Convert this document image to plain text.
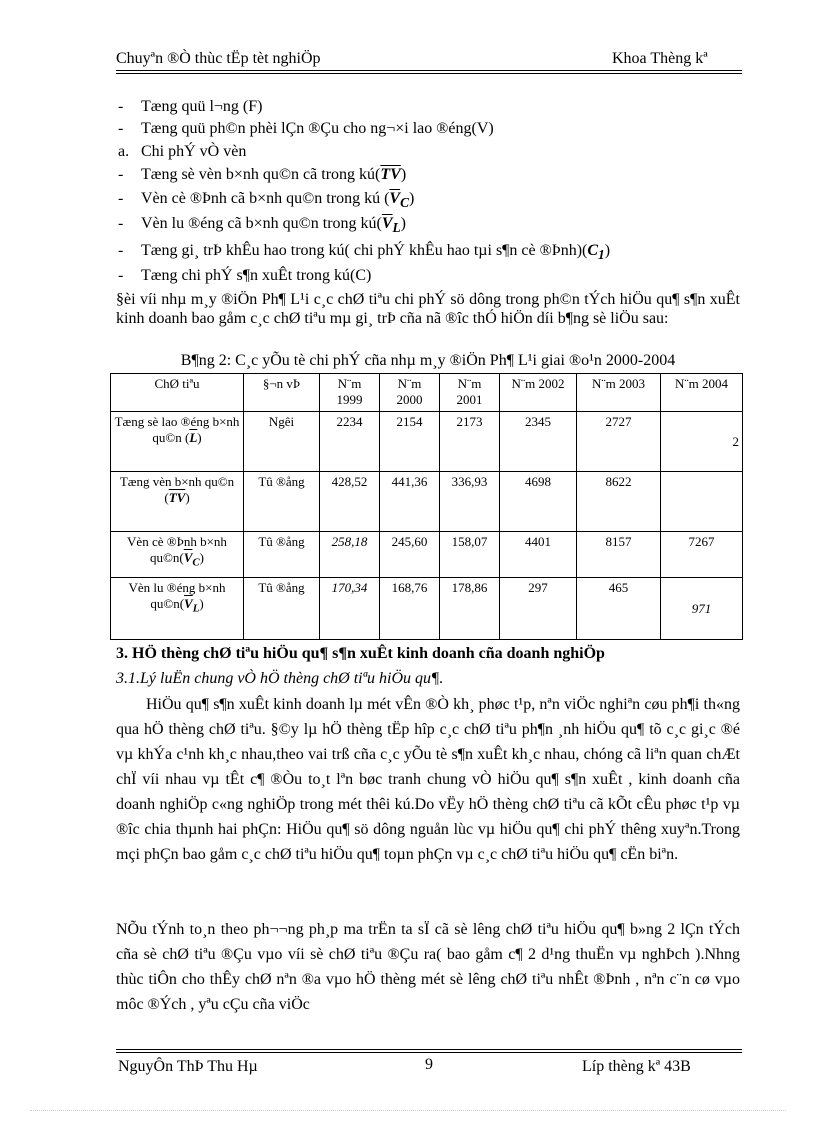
Chuyªn ®Ò thùc tËp tèt nghiÖp	Khoa Thèng kª
- Tæng quü l¬ng (F)
- Tæng quü ph©n phèi lÇn ®Çu cho ng¬×i lao ®éng(V)
a. Chi phÝ vÒ vèn
- Tæng sè vèn b×nh qu©n cã trong $kú(\overline{TV})$
- Vèn cè ®Þnh cã b×nh qu©n trong kú $(\overline{V}_C)$
- Vèn lu ®éng cã b×nh qu©n trong $kú(\overline{V}_L)$
- Tæng gi¸ trÞ khÊu hao trong kú( chi phÝ khÊu hao tµi s¶n cè $®Þnh)(C_1)$
- Tæng chi phÝ s¶n xuÊt trong kú(C)
§èi víi nhµ m¸y ®iÖn Ph¶ L¹i c¸c chØ tiªu chi phÝ sö dông trong ph©n tÝch hiÖu qu¶ s¶n xuÊt kinh doanh bao gåm c¸c chØ tiªu mµ gi¸ trÞ cña nã ®îc thÓ hiÖn díi b¶ng sè liÖu sau:
B¶ng 2: C¸c yÕu tè chi phÝ cña nhµ m¸y ®iÖn Ph¶ L¹i giai ®o¹n 2000-2004
ChØ tiªu	§¬n vÞ	N¨m 1999	N¨m 2000	N¨m 2001	N¨m 2002	N¨m 2003	N¨m 2004
Tæng sè lao ®éng b×nh qu©n $(\overline{L})$	Ngêi	2234	2154	2173	2345	2727	2
Tæng vèn b×nh qu©n $(\overline{TV})$	Tû ®ång	428,52	441,36	336,93	4698	8622	
Vèn cè ®Þnh b×nh $qu©n(\overline{V}_C)$	Tû ®ång	258,18	245,60	158,07	4401	8157	7267
Vèn lu ®éng b×nh $qu©n(\overline{V}_L)$	Tû ®ång	170,34	168,76	178,86	297	465	971
3. HÖ thèng chØ tiªu hiÖu qu¶ s¶n xuÊt kinh doanh cña doanh nghiÖp
3.1.Lý luËn chung vÒ hÖ thèng chØ tiªu hiÖu qu¶.
HiÖu qu¶ s¶n xuÊt kinh doanh lµ mét vÊn ®Ò kh¸ phøc t¹p, nªn viÖc nghiªn cøu ph¶i th«ng qua hÖ thèng chØ tiªu. §©y lµ hÖ thèng tËp hîp c¸c chØ tiªu ph¶n ¸nh hiÖu qu¶ tõ c¸c gi¸c ®é vµ khÝa c¹nh kh¸c nhau,theo vai trß cña c¸c yÕu tè s¶n xuÊt kh¸c nhau, chóng cã liªn quan chÆt chÏ víi nhau vµ tÊt c¶ ®Òu to¸t lªn bøc tranh chung vÒ hiÖu qu¶ s¶n xuÊt , kinh doanh cña doanh nghiÖp c«ng nghiÖp trong mét thêi kú.Do vËy hÖ thèng chØ tiªu cã kÕt cÊu phøc t¹p vµ ®îc chia thµnh hai phÇn: HiÖu qu¶ sö dông nguån lùc vµ hiÖu qu¶ chi phÝ thêng xuyªn.Trong mçi phÇn bao gåm c¸c chØ tiªu hiÖu qu¶ toµn phÇn vµ c¸c chØ tiªu hiÖu qu¶ cËn biªn.
NÕu tÝnh to¸n theo ph¬¬ng ph¸p ma trËn ta sÏ cã sè lêng chØ tiªu hiÖu qu¶ b»ng 2 lÇn tÝch cña sè chØ tiªu ®Çu vµo víi sè chØ tiªu ®Çu ra( bao gåm c¶ 2 d¹ng thuËn vµ nghÞch ).Nhng thùc tiÔn cho thÊy chØ nªn ®a vµo hÖ thèng mét sè lêng chØ tiªu nhÊt ®Þnh , nªn c¨n cø vµo môc ®Ých , yªu cÇu cña viÖc
NguyÔn ThÞ Thu Hµ	9	Líp thèng kª 43B
